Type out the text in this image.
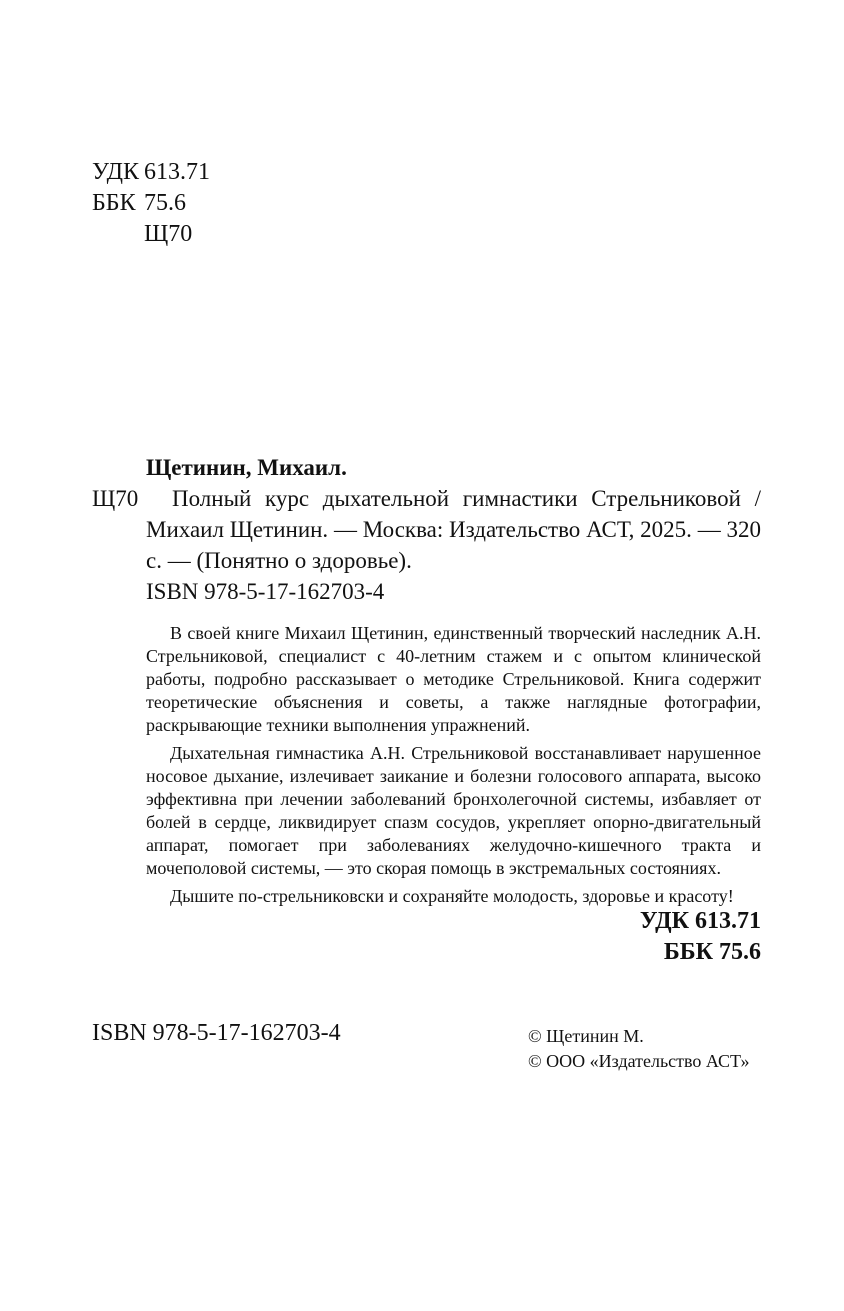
УДК 613.71
ББК 75.6
Щ70
Щетинин, Михаил.
Щ70	Полный курс дыхательной гимнастики Стрельниковой / Михаил Щетинин. — Москва: Издательство АСТ, 2025. — 320 с. — (Понятно о здоровье).
ISBN 978-5-17-162703-4

В своей книге Михаил Щетинин, единственный творческий наследник А.Н. Стрельниковой, специалист с 40-летним стажем и с опытом клинической работы, подробно рассказывает о методике Стрельниковой. Книга содержит теоретические объяснения и советы, а также наглядные фотографии, раскрывающие техники выполнения упражнений.

Дыхательная гимнастика А.Н. Стрельниковой восстанавливает нарушенное носовое дыхание, излечивает заикание и болезни голосового аппарата, высоко эффективна при лечении заболеваний бронхолегочной системы, избавляет от болей в сердце, ликвидирует спазм сосудов, укрепляет опорно-двигательный аппарат, помогает при заболеваниях желудочно-кишечного тракта и мочеполовой системы, — это скорая помощь в экстремальных состояниях.

Дышите по-стрельниковски и сохраняйте молодость, здоровье и красоту!

УДК 613.71
ББК 75.6
ISBN 978-5-17-162703-4	© Щетинин М.
© ООО «Издательство АСТ»
